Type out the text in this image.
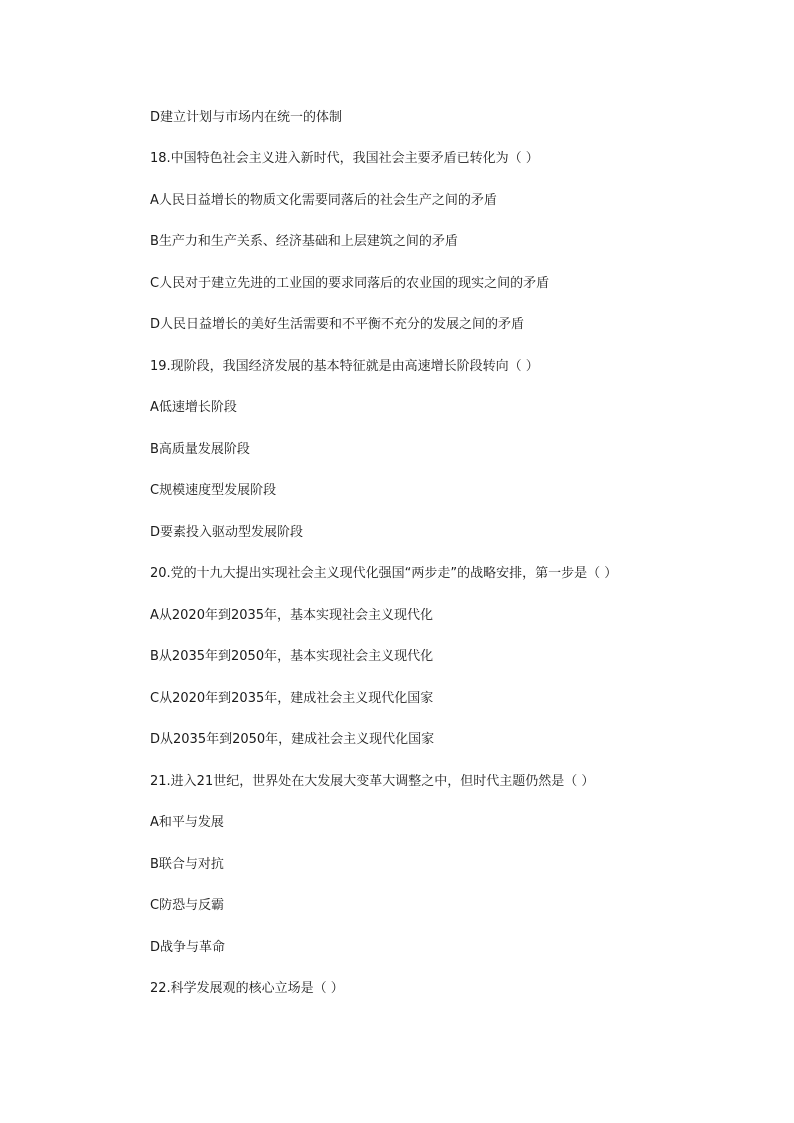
D建立计划与市场内在统一的体制
18.中国特色社会主义进入新时代，我国社会主要矛盾已转化为（ ）
A人民日益增长的物质文化需要同落后的社会生产之间的矛盾
B生产力和生产关系、经济基础和上层建筑之间的矛盾
C人民对于建立先进的工业国的要求同落后的农业国的现实之间的矛盾
D人民日益增长的美好生活需要和不平衡不充分的发展之间的矛盾
19.现阶段，我国经济发展的基本特征就是由高速增长阶段转向（ ）
A低速增长阶段
B高质量发展阶段
C规模速度型发展阶段
D要素投入驱动型发展阶段
20.党的十九大提出实现社会主义现代化强国“两步走”的战略安排，第一步是（ ）
A从2020年到2035年，基本实现社会主义现代化
B从2035年到2050年，基本实现社会主义现代化
C从2020年到2035年，建成社会主义现代化国家
D从2035年到2050年，建成社会主义现代化国家
21.进入21世纪，世界处在大发展大变革大调整之中，但时代主题仍然是（ ）
A和平与发展
B联合与对抗
C防恐与反霸
D战争与革命
22.科学发展观的核心立场是（ ）
